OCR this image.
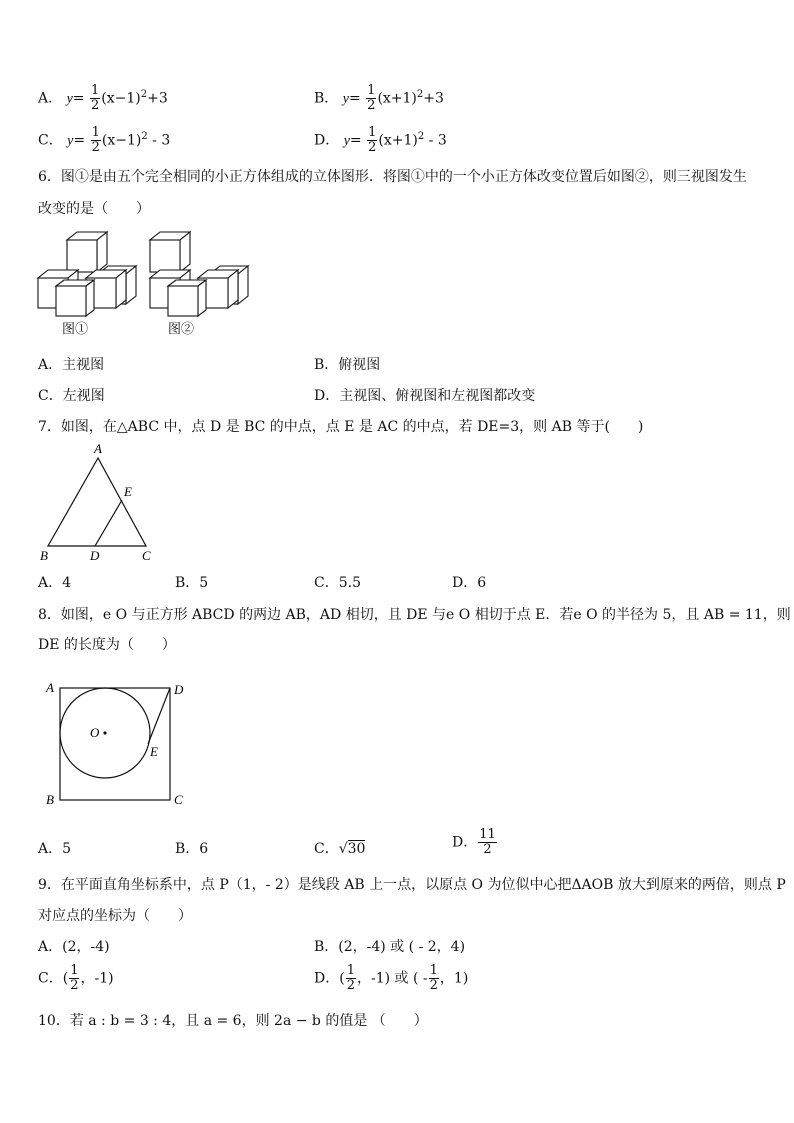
A． $y= \frac{1}{2} (x-1)^2+3$	B． $y= \frac{1}{2} (x+1)^2+3$
C． $y= \frac{1}{2} (x-1)^2 - 3$	D． $y= \frac{1}{2} (x+1)^2 - 3$
6．图①是由五个完全相同的小正方体组成的立体图形．将图①中的一个小正方体改变位置后如图②，则三视图发生
改变的是（　　）
图①	图②
A．主视图	B．俯视图
C．左视图	D．主视图、俯视图和左视图都改变
7．如图，在△ABC 中，点 D 是 BC 的中点，点 E 是 AC 的中点，若 DE=3，则 AB 等于(　　)
A
E
B	D	C
A．4	B．5	C．5.5	D．6
8．如图，e O 与正方形 ABCD 的两边 AB，AD 相切，且 DE 与e O 相切于点 E．若e O 的半径为 5，且 AB = 11，则
DE 的长度为（　　）
A	D
O
E
B	C
A．5	B．6	C．√30	D． $\frac{11}{2}$
9．在平面直角坐标系中，点 P（1，- 2）是线段 AB 上一点，以原点 O 为位似中心把ΔAOB 放大到原来的两倍，则点 P
对应点的坐标为（　　）
A．(2，-4)	B．(2，-4) 或 ( - 2，4)
C．( $\frac{1}{2}$ ，-1)	D．( $\frac{1}{2}$ ，-1) 或 ( - $\frac{1}{2}$ ，1)
10．若 a : b = 3 : 4，且 a = 6，则 2a − b 的值是 （　　）
